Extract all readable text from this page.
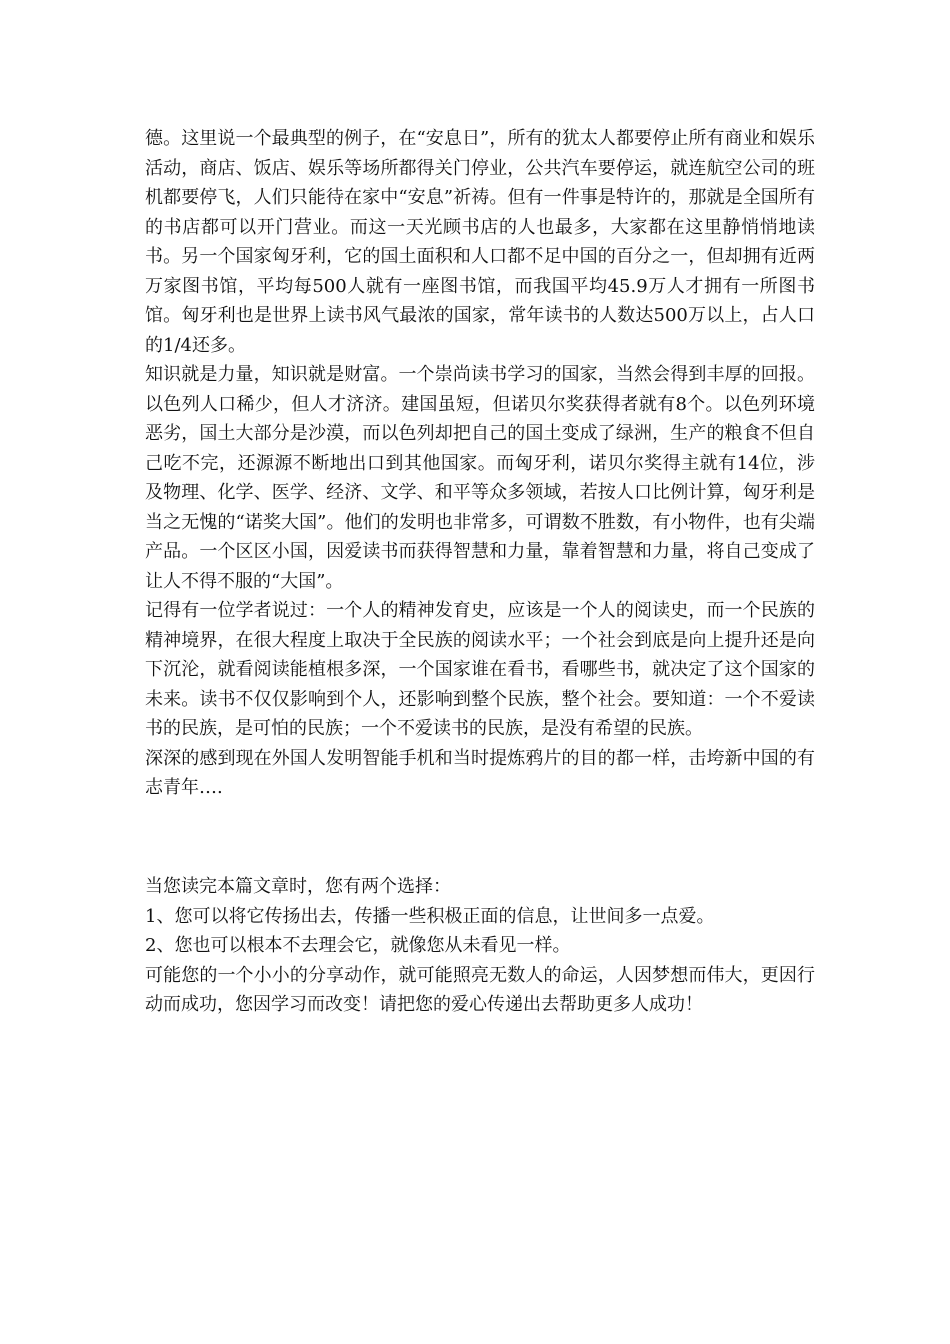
德。这里说一个最典型的例子，在“安息日”，所有的犹太人都要停止所有商业和娱乐活动，商店、饭店、娱乐等场所都得关门停业，公共汽车要停运，就连航空公司的班机都要停飞，人们只能待在家中“安息”祈祷。但有一件事是特许的，那就是全国所有的书店都可以开门营业。而这一天光顾书店的人也最多，大家都在这里静悄悄地读书。另一个国家匈牙利，它的国土面积和人口都不足中国的百分之一，但却拥有近两万家图书馆，平均每500人就有一座图书馆，而我国平均45.9万人才拥有一所图书馆。匈牙利也是世界上读书风气最浓的国家，常年读书的人数达500万以上，占人口的1/4还多。

知识就是力量，知识就是财富。一个崇尚读书学习的国家，当然会得到丰厚的回报。以色列人口稀少，但人才济济。建国虽短，但诺贝尔奖获得者就有8个。以色列环境恶劣，国土大部分是沙漠，而以色列却把自己的国土变成了绿洲，生产的粮食不但自己吃不完，还源源不断地出口到其他国家。而匈牙利，诺贝尔奖得主就有14位，涉及物理、化学、医学、经济、文学、和平等众多领域，若按人口比例计算，匈牙利是当之无愧的“诺奖大国”。他们的发明也非常多，可谓数不胜数，有小物件，也有尖端产品。一个区区小国，因爱读书而获得智慧和力量，靠着智慧和力量，将自己变成了让人不得不服的“大国”。

记得有一位学者说过：一个人的精神发育史，应该是一个人的阅读史，而一个民族的精神境界，在很大程度上取决于全民族的阅读水平；一个社会到底是向上提升还是向下沉沦，就看阅读能植根多深，一个国家谁在看书，看哪些书，就决定了这个国家的未来。读书不仅仅影响到个人，还影响到整个民族，整个社会。要知道：一个不爱读书的民族，是可怕的民族；一个不爱读书的民族，是没有希望的民族。

深深的感到现在外国人发明智能手机和当时提炼鸦片的目的都一样，击垮新中国的有志青年….

当您读完本篇文章时，您有两个选择：

1、您可以将它传扬出去，传播一些积极正面的信息，让世间多一点爱。

2、您也可以根本不去理会它，就像您从未看见一样。

可能您的一个小小的分享动作，就可能照亮无数人的命运，人因梦想而伟大，更因行动而成功，您因学习而改变！请把您的爱心传递出去帮助更多人成功！
